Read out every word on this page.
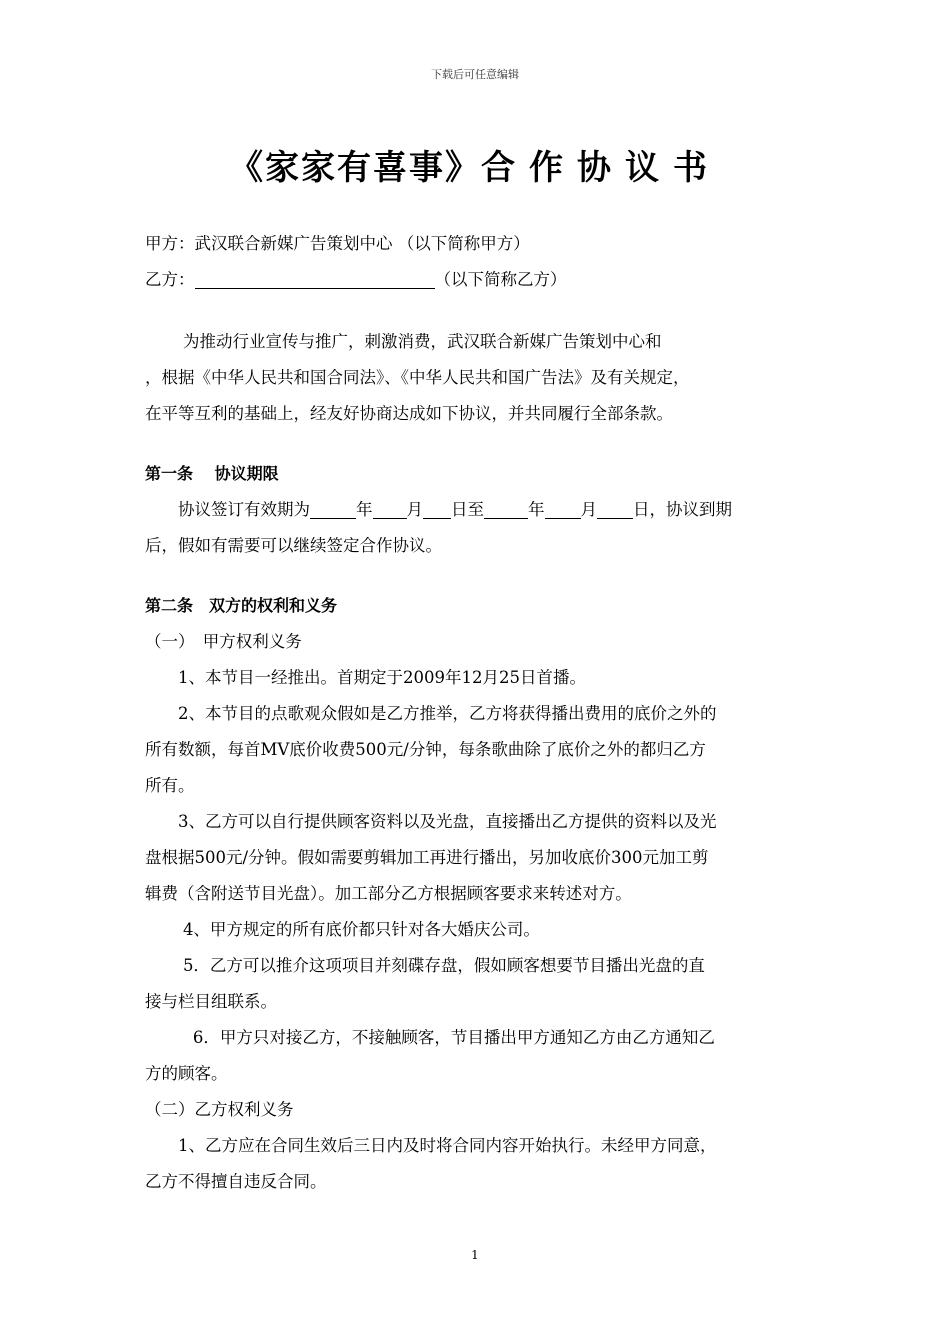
下载后可任意编辑
《家家有喜事》合作协议书
甲方：武汉联合新媒广告策划中心 （以下简称甲方）
乙方：	（以下简称乙方）
为推动行业宣传与推广，刺激消费，武汉联合新媒广告策划中心和
，根据《中华人民共和国合同法》、《中华人民共和国广告法》及有关规定，
在平等互利的基础上，经友好协商达成如下协议，并共同履行全部条款。
第一条　 协议期限
协议签订有效期为	年 月 日至	年 月 日，协议到期
后，假如有需要可以继续签定合作协议。
第二条　双方的权利和义务
（一）　甲方权利义务
1、本节目一经推出。首期定于2009年12月25日首播。
2、本节目的点歌观众假如是乙方推举，乙方将获得播出费用的底价之外的
所有数额，每首MV底价收费500元/分钟，每条歌曲除了底价之外的都归乙方
所有。
3、乙方可以自行提供顾客资料以及光盘，直接播出乙方提供的资料以及光
盘根据500元/分钟。假如需要剪辑加工再进行播出，另加收底价300元加工剪
辑费（含附送节目光盘）。加工部分乙方根据顾客要求来转述对方。
4、甲方规定的所有底价都只针对各大婚庆公司。
5．乙方可以推介这项项目并刻碟存盘，假如顾客想要节目播出光盘的直
接与栏目组联系。
6．甲方只对接乙方，不接触顾客，节目播出甲方通知乙方由乙方通知乙
方的顾客。
（二）乙方权利义务
1、乙方应在合同生效后三日内及时将合同内容开始执行。未经甲方同意，
乙方不得擅自违反合同。
1
